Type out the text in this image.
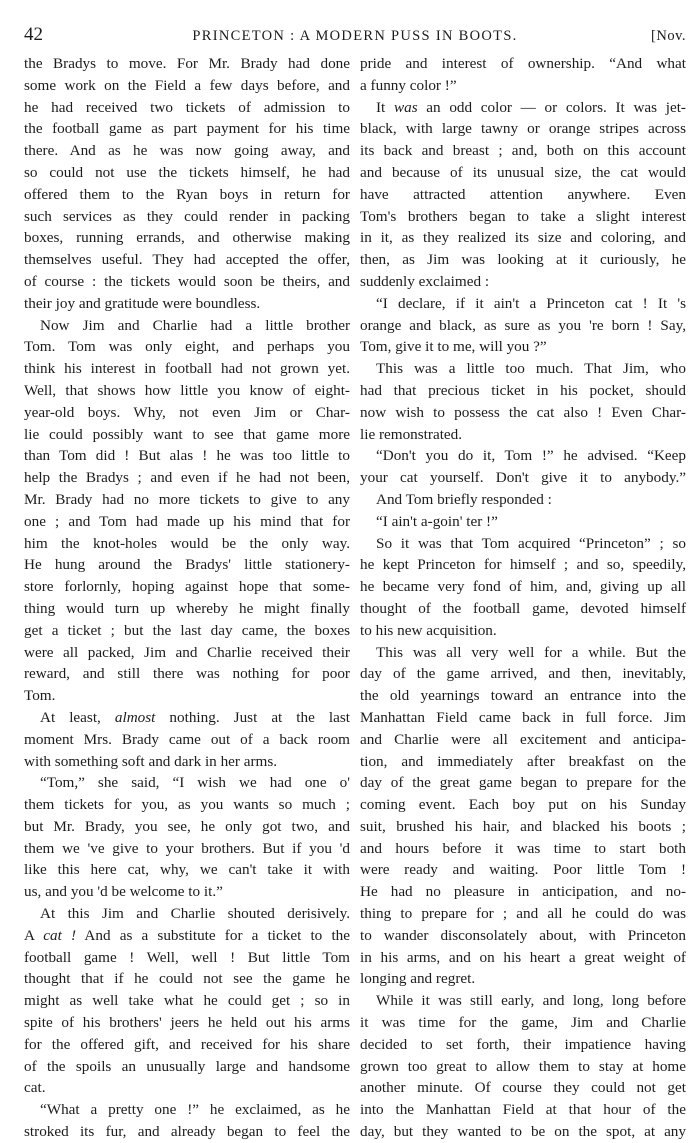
42	PRINCETON : A MODERN PUSS IN BOOTS.	[Nov.
the Bradys to move. For Mr. Brady had done
some work on the Field a few days before, and
he had received two tickets of admission to
the football game as part payment for his time
there. And as he was now going away, and
so could not use the tickets himself, he had
offered them to the Ryan boys in return for
such services as they could render in packing
boxes, running errands, and otherwise making
themselves useful. They had accepted the offer,
of course : the tickets would soon be theirs, and
their joy and gratitude were boundless.
Now Jim and Charlie had a little brother
Tom. Tom was only eight, and perhaps you
think his interest in football had not grown yet.
Well, that shows how little you know of eight-
year-old boys. Why, not even Jim or Char-
lie could possibly want to see that game more
than Tom did ! But alas ! he was too little to
help the Bradys ; and even if he had not been,
Mr. Brady had no more tickets to give to any
one ; and Tom had made up his mind that for
him the knot-holes would be the only way.
He hung around the Bradys' little stationery-
store forlornly, hoping against hope that some-
thing would turn up whereby he might finally
get a ticket ; but the last day came, the boxes
were all packed, Jim and Charlie received their
reward, and still there was nothing for poor
Tom.
At least, almost nothing. Just at the last
moment Mrs. Brady came out of a back room
with something soft and dark in her arms.
“Tom,” she said, “I wish we had one o'
them tickets for you, as you wants so much ;
but Mr. Brady, you see, he only got two, and
them we 've give to your brothers. But if you 'd
like this here cat, why, we can't take it with
us, and you 'd be welcome to it.”
At this Jim and Charlie shouted derisively.
A cat ! And as a substitute for a ticket to the
football game ! Well, well ! But little Tom
thought that if he could not see the game he
might as well take what he could get ; so in
spite of his brothers' jeers he held out his arms
for the offered gift, and received for his share
of the spoils an unusually large and handsome
cat.
“What a pretty one !” he exclaimed, as he
stroked its fur, and already began to feel the
pride and interest of ownership. “And what
a funny color !”
It was an odd color — or colors. It was jet-
black, with large tawny or orange stripes across
its back and breast ; and, both on this account
and because of its unusual size, the cat would
have attracted attention anywhere. Even
Tom's brothers began to take a slight interest
in it, as they realized its size and coloring, and
then, as Jim was looking at it curiously, he
suddenly exclaimed :
“I declare, if it ain't a Princeton cat ! It 's
orange and black, as sure as you 're born ! Say,
Tom, give it to me, will you ?”
This was a little too much. That Jim, who
had that precious ticket in his pocket, should
now wish to possess the cat also ! Even Char-
lie remonstrated.
“Don't you do it, Tom !” he advised. “Keep
your cat yourself. Don't give it to anybody.”
And Tom briefly responded :
“I ain't a-goin' ter !”
So it was that Tom acquired “Princeton” ; so
he kept Princeton for himself ; and so, speedily,
he became very fond of him, and, giving up all
thought of the football game, devoted himself
to his new acquisition.
This was all very well for a while. But the
day of the game arrived, and then, inevitably,
the old yearnings toward an entrance into the
Manhattan Field came back in full force. Jim
and Charlie were all excitement and anticipa-
tion, and immediately after breakfast on the
day of the great game began to prepare for the
coming event. Each boy put on his Sunday
suit, brushed his hair, and blacked his boots ;
and hours before it was time to start both
were ready and waiting. Poor little Tom !
He had no pleasure in anticipation, and no-
thing to prepare for ; and all he could do was
to wander disconsolately about, with Princeton
in his arms, and on his heart a great weight of
longing and regret.
While it was still early, and long, long before
it was time for the game, Jim and Charlie
decided to set forth, their impatience having
grown too great to allow them to stay at home
another minute. Of course they could not get
into the Manhattan Field at that hour of the
day, but they wanted to be on the spot, at any
